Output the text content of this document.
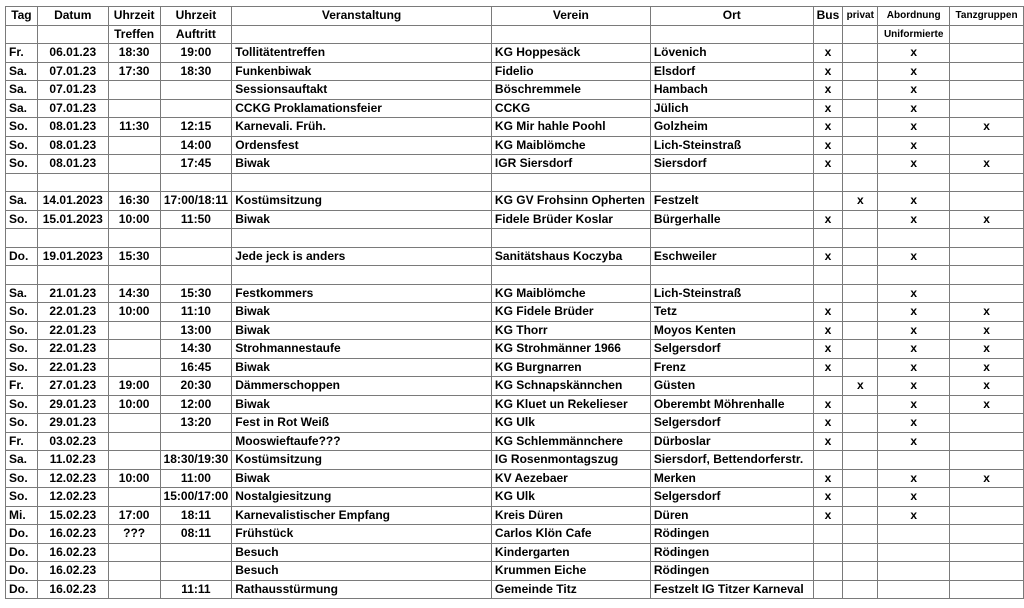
Tag	Datum	Uhrzeit	Uhrzeit	Veranstaltung	Verein	Ort	Bus	privat	Abordnung	Tanzgruppen
		Treffen	Auftritt						Uniformierte	
Fr.	06.01.23	18:30	19:00	Tollitätentreffen	KG Hoppesäck	Lövenich	x		x	
Sa.	07.01.23	17:30	18:30	Funkenbiwak	Fidelio	Elsdorf	x		x	
Sa.	07.01.23			Sessionsauftakt	Böschremmele	Hambach	x		x	
Sa.	07.01.23			CCKG Proklamationsfeier	CCKG	Jülich	x		x	
So.	08.01.23	11:30	12:15	Karnevali. Früh.	KG Mir hahle Poohl	Golzheim	x		x	x
So.	08.01.23		14:00	Ordensfest	KG Maiblömche	Lich-Steinstraß	x		x	
So.	08.01.23		17:45	Biwak	IGR Siersdorf	Siersdorf	x		x	x

Sa.	14.01.2023	16:30	17:00/18:11	Kostümsitzung	KG GV Frohsinn Opherten	Festzelt		x	x	
So.	15.01.2023	10:00	11:50	Biwak	Fidele Brüder Koslar	Bürgerhalle	x		x	x

Do.	19.01.2023	15:30		Jede jeck is anders	Sanitätshaus Koczyba	Eschweiler	x		x	

Sa.	21.01.23	14:30	15:30	Festkommers	KG Maiblömche	Lich-Steinstraß			x	
So.	22.01.23	10:00	11:10	Biwak	KG Fidele Brüder	Tetz	x		x	x
So.	22.01.23		13:00	Biwak	KG Thorr	Moyos Kenten	x		x	x
So.	22.01.23		14:30	Strohmannestaufe	KG Strohmänner 1966	Selgersdorf	x		x	x
So.	22.01.23		16:45	Biwak	KG Burgnarren	Frenz	x		x	x
Fr.	27.01.23	19:00	20:30	Dämmerschoppen	KG Schnapskännchen	Güsten		x	x	x
So.	29.01.23	10:00	12:00	Biwak	KG Kluet un Rekelieser	Oberembt Möhrenhalle	x		x	x
So.	29.01.23		13:20	Fest in Rot Weiß	KG Ulk	Selgersdorf	x		x	
Fr.	03.02.23			Mooswieftaufe???	KG Schlemmännchere	Dürboslar	x		x	
Sa.	11.02.23		18:30/19:30	Kostümsitzung	IG Rosenmontagszug	Siersdorf, Bettendorferstr.				
So.	12.02.23	10:00	11:00	Biwak	KV Aezebaer	Merken	x		x	x
So.	12.02.23		15:00/17:00	Nostalgiesitzung	KG Ulk	Selgersdorf	x		x	
Mi.	15.02.23	17:00	18:11	Karnevalistischer Empfang	Kreis Düren	Düren	x		x	
Do.	16.02.23	???	08:11	Frühstück	Carlos Klön Cafe	Rödingen				
Do.	16.02.23			Besuch	Kindergarten	Rödingen				
Do.	16.02.23			Besuch	Krummen Eiche	Rödingen				
Do.	16.02.23		11:11	Rathausstürmung	Gemeinde Titz	Festzelt IG Titzer Karneval				
